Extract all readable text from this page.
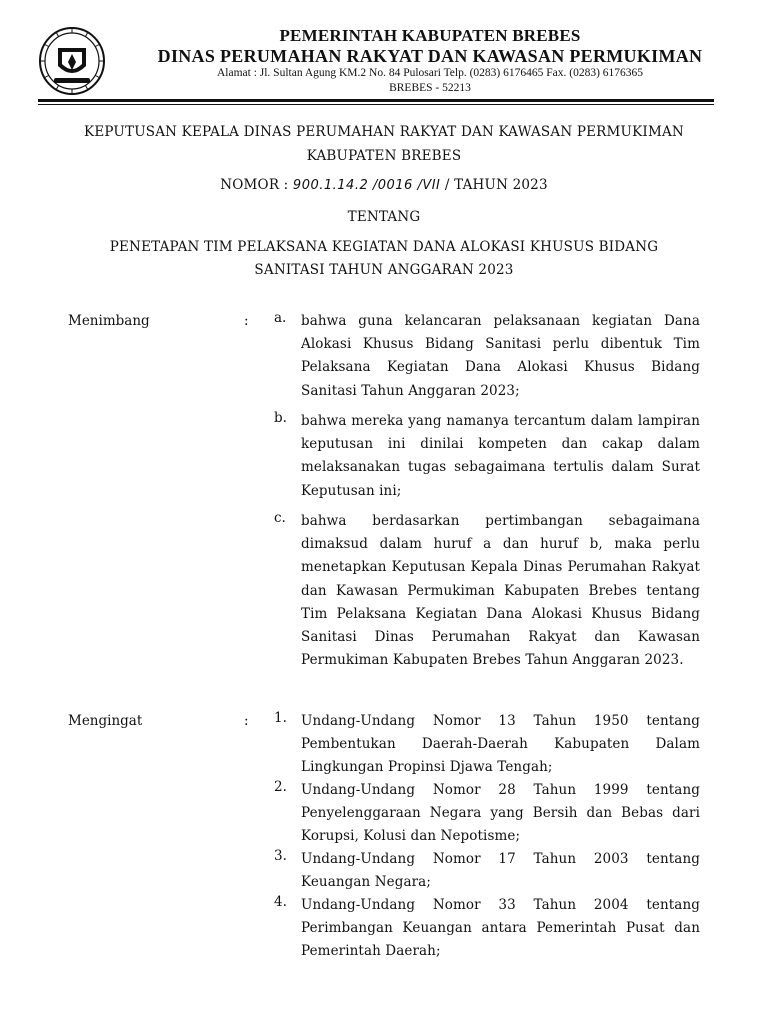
PEMERINTAH KABUPATEN BREBES
DINAS PERUMAHAN RAKYAT DAN KAWASAN PERMUKIMAN
Alamat : Jl. Sultan Agung KM.2 No. 84 Pulosari Telp. (0283) 6176465 Fax. (0283) 6176365
BREBES - 52213
KEPUTUSAN KEPALA DINAS PERUMAHAN RAKYAT DAN KAWASAN PERMUKIMAN
KABUPATEN BREBES
NOMOR : 900.1.14.2 /0016 /VII / TAHUN 2023
TENTANG
PENETAPAN TIM PELAKSANA KEGIATAN DANA ALOKASI KHUSUS BIDANG
SANITASI TAHUN ANGGARAN 2023
Menimbang	: a.	bahwa guna kelancaran pelaksanaan kegiatan Dana Alokasi Khusus Bidang Sanitasi perlu dibentuk Tim Pelaksana Kegiatan Dana Alokasi Khusus Bidang Sanitasi Tahun Anggaran 2023;
b.	bahwa mereka yang namanya tercantum dalam lampiran keputusan ini dinilai kompeten dan cakap dalam melaksanakan tugas sebagaimana tertulis dalam Surat Keputusan ini;
c.	bahwa berdasarkan pertimbangan sebagaimana dimaksud dalam huruf a dan huruf b, maka perlu menetapkan Keputusan Kepala Dinas Perumahan Rakyat dan Kawasan Permukiman Kabupaten Brebes tentang Tim Pelaksana Kegiatan Dana Alokasi Khusus Bidang Sanitasi Dinas Perumahan Rakyat dan Kawasan Permukiman Kabupaten Brebes Tahun Anggaran 2023.
Mengingat	: 1.	Undang-Undang Nomor 13 Tahun 1950 tentang Pembentukan Daerah-Daerah Kabupaten Dalam Lingkungan Propinsi Djawa Tengah;
2.	Undang-Undang Nomor 28 Tahun 1999 tentang Penyelenggaraan Negara yang Bersih dan Bebas dari Korupsi, Kolusi dan Nepotisme;
3.	Undang-Undang Nomor 17 Tahun 2003 tentang Keuangan Negara;
4.	Undang-Undang Nomor 33 Tahun 2004 tentang Perimbangan Keuangan antara Pemerintah Pusat dan Pemerintah Daerah;
